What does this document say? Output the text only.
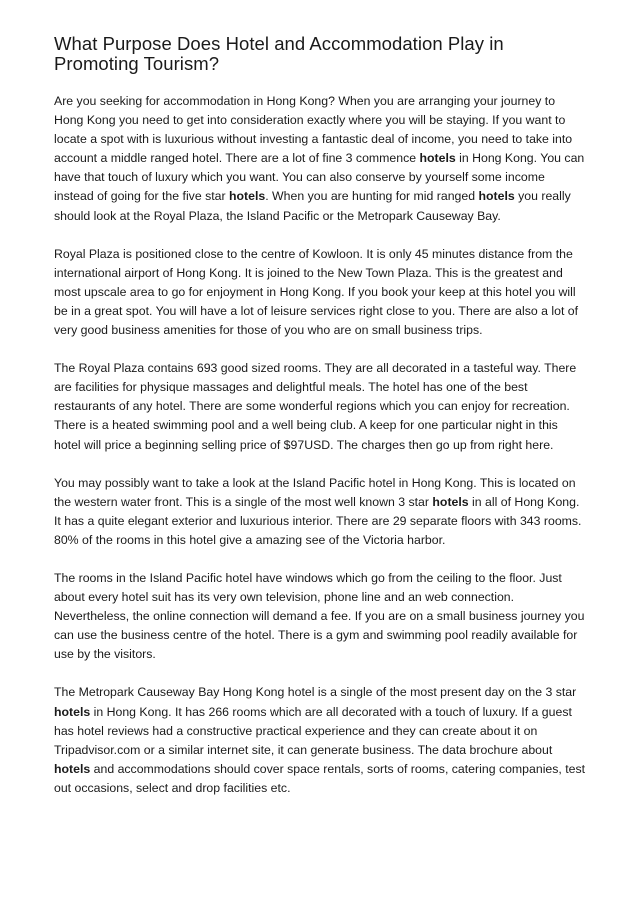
What Purpose Does Hotel and Accommodation Play in Promoting Tourism?

Are you seeking for accommodation in Hong Kong? When you are arranging your journey to Hong Kong you need to get into consideration exactly where you will be staying. If you want to locate a spot with is luxurious without investing a fantastic deal of income, you need to take into account a middle ranged hotel. There are a lot of fine 3 commence hotels in Hong Kong. You can have that touch of luxury which you want. You can also conserve by yourself some income instead of going for the five star hotels. When you are hunting for mid ranged hotels you really should look at the Royal Plaza, the Island Pacific or the Metropark Causeway Bay.

Royal Plaza is positioned close to the centre of Kowloon. It is only 45 minutes distance from the international airport of Hong Kong. It is joined to the New Town Plaza. This is the greatest and most upscale area to go for enjoyment in Hong Kong. If you book your keep at this hotel you will be in a great spot. You will have a lot of leisure services right close to you. There are also a lot of very good business amenities for those of you who are on small business trips.

The Royal Plaza contains 693 good sized rooms. They are all decorated in a tasteful way. There are facilities for physique massages and delightful meals. The hotel has one of the best restaurants of any hotel. There are some wonderful regions which you can enjoy for recreation. There is a heated swimming pool and a well being club. A keep for one particular night in this hotel will price a beginning selling price of $97USD. The charges then go up from right here.

You may possibly want to take a look at the Island Pacific hotel in Hong Kong. This is located on the western water front. This is a single of the most well known 3 star hotels in all of Hong Kong. It has a quite elegant exterior and luxurious interior. There are 29 separate floors with 343 rooms. 80% of the rooms in this hotel give a amazing see of the Victoria harbor.

The rooms in the Island Pacific hotel have windows which go from the ceiling to the floor. Just about every hotel suit has its very own television, phone line and an web connection. Nevertheless, the online connection will demand a fee. If you are on a small business journey you can use the business centre of the hotel. There is a gym and swimming pool readily available for use by the visitors.

The Metropark Causeway Bay Hong Kong hotel is a single of the most present day on the 3 star hotels in Hong Kong. It has 266 rooms which are all decorated with a touch of luxury. If a guest has hotel reviews had a constructive practical experience and they can create about it on Tripadvisor.com or a similar internet site, it can generate business. The data brochure about hotels and accommodations should cover space rentals, sorts of rooms, catering companies, test out occasions, select and drop facilities etc.
